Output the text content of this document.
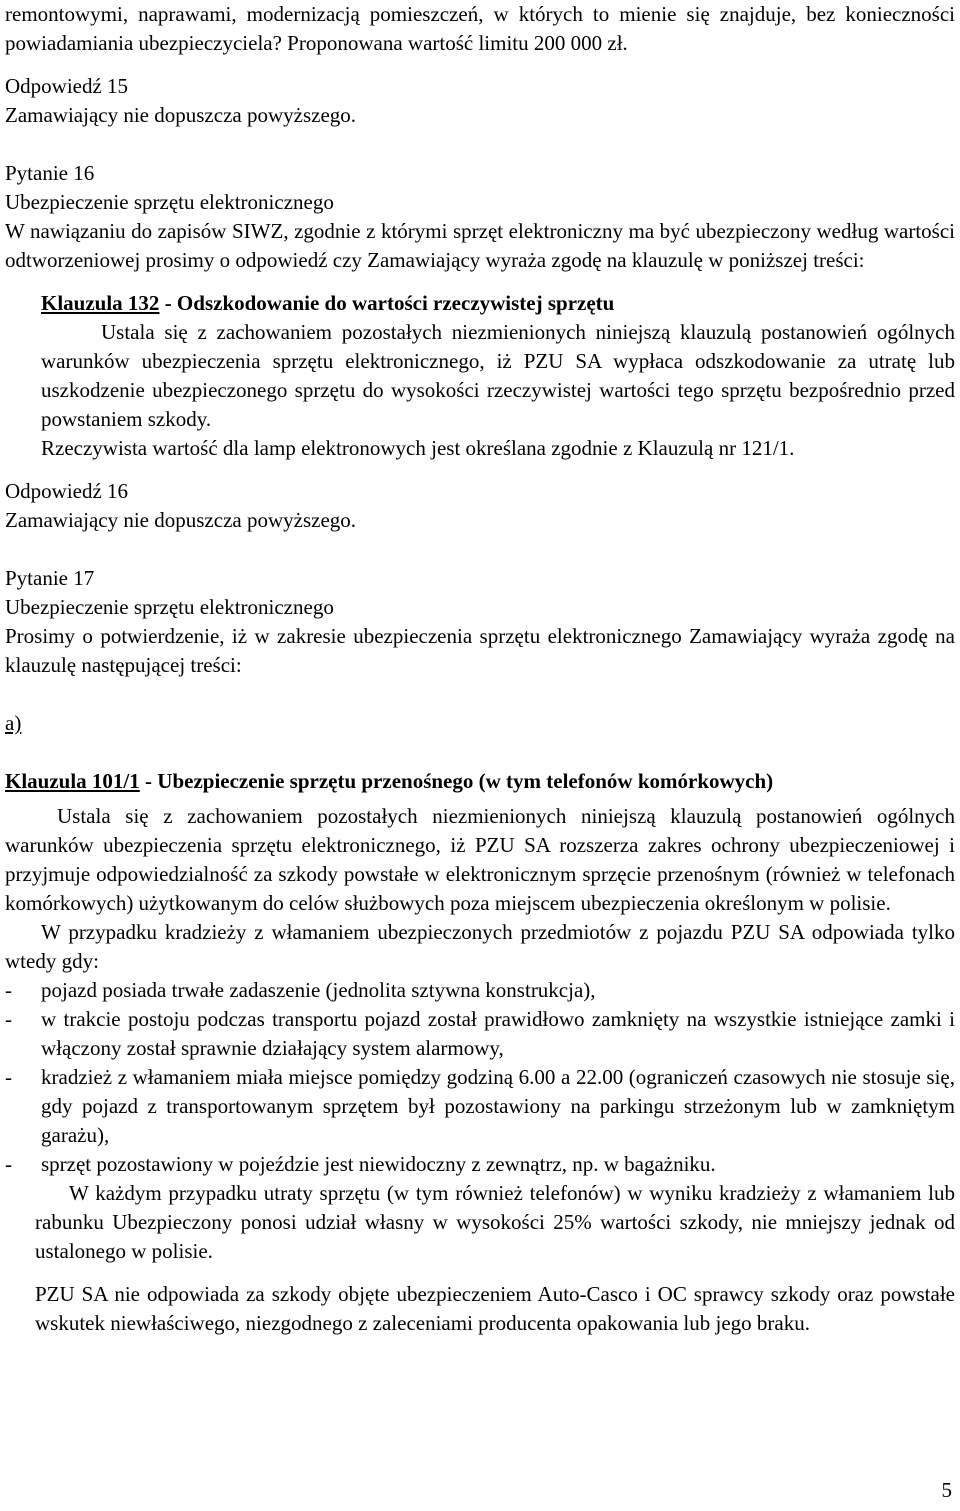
remontowymi, naprawami, modernizacją pomieszczeń, w których to mienie się znajduje, bez konieczności powiadamiania ubezpieczyciela? Proponowana wartość limitu 200 000 zł.

Odpowiedź 15

Zamawiający nie dopuszcza powyższego.

Pytanie 16

Ubezpieczenie sprzętu elektronicznego

W nawiązaniu do zapisów SIWZ, zgodnie z którymi sprzęt elektroniczny ma być ubezpieczony według wartości odtworzeniowej prosimy o odpowiedź czy Zamawiający wyraża zgodę na klauzulę w poniższej treści:

Klauzula 132 - Odszkodowanie do wartości rzeczywistej sprzętu

Ustala się z zachowaniem pozostałych niezmienionych niniejszą klauzulą postanowień ogólnych warunków ubezpieczenia sprzętu elektronicznego, iż PZU SA wypłaca odszkodowanie za utratę lub uszkodzenie ubezpieczonego sprzętu do wysokości rzeczywistej wartości tego sprzętu bezpośrednio przed powstaniem szkody.

Rzeczywista wartość dla lamp elektronowych jest określana zgodnie z Klauzulą nr 121/1.

Odpowiedź 16

Zamawiający nie dopuszcza powyższego.

Pytanie 17

Ubezpieczenie sprzętu elektronicznego

Prosimy o potwierdzenie, iż w zakresie ubezpieczenia sprzętu elektronicznego Zamawiający wyraża zgodę na klauzulę następującej treści:

a)

Klauzula 101/1 - Ubezpieczenie sprzętu przenośnego (w tym telefonów komórkowych)

Ustala się z zachowaniem pozostałych niezmienionych niniejszą klauzulą postanowień ogólnych warunków ubezpieczenia sprzętu elektronicznego, iż PZU SA rozszerza zakres ochrony ubezpieczeniowej i przyjmuje odpowiedzialność za szkody powstałe w elektronicznym sprzęcie przenośnym (również w telefonach komórkowych) użytkowanym do celów służbowych poza miejscem ubezpieczenia określonym w polisie.

W przypadku kradzieży z włamaniem ubezpieczonych przedmiotów z pojazdu PZU SA odpowiada tylko wtedy gdy:

- pojazd posiada trwałe zadaszenie (jednolita sztywna konstrukcja),
- w trakcie postoju podczas transportu pojazd został prawidłowo zamknięty na wszystkie istniejące zamki i włączony został sprawnie działający system alarmowy,
- kradzież z włamaniem miała miejsce pomiędzy godziną 6.00 a 22.00 (ograniczeń czasowych nie stosuje się, gdy pojazd z transportowanym sprzętem był pozostawiony na parkingu strzeżonym lub w zamkniętym garażu),
- sprzęt pozostawiony w pojeździe jest niewidoczny z zewnątrz, np. w bagażniku.

W każdym przypadku utraty sprzętu (w tym również telefonów) w wyniku kradzieży z włamaniem lub rabunku Ubezpieczony ponosi udział własny w wysokości 25% wartości szkody, nie mniejszy jednak od ustalonego w polisie.

PZU SA nie odpowiada za szkody objęte ubezpieczeniem Auto-Casco i OC sprawcy szkody oraz powstałe wskutek niewłaściwego, niezgodnego z zaleceniami producenta opakowania lub jego braku.

5
